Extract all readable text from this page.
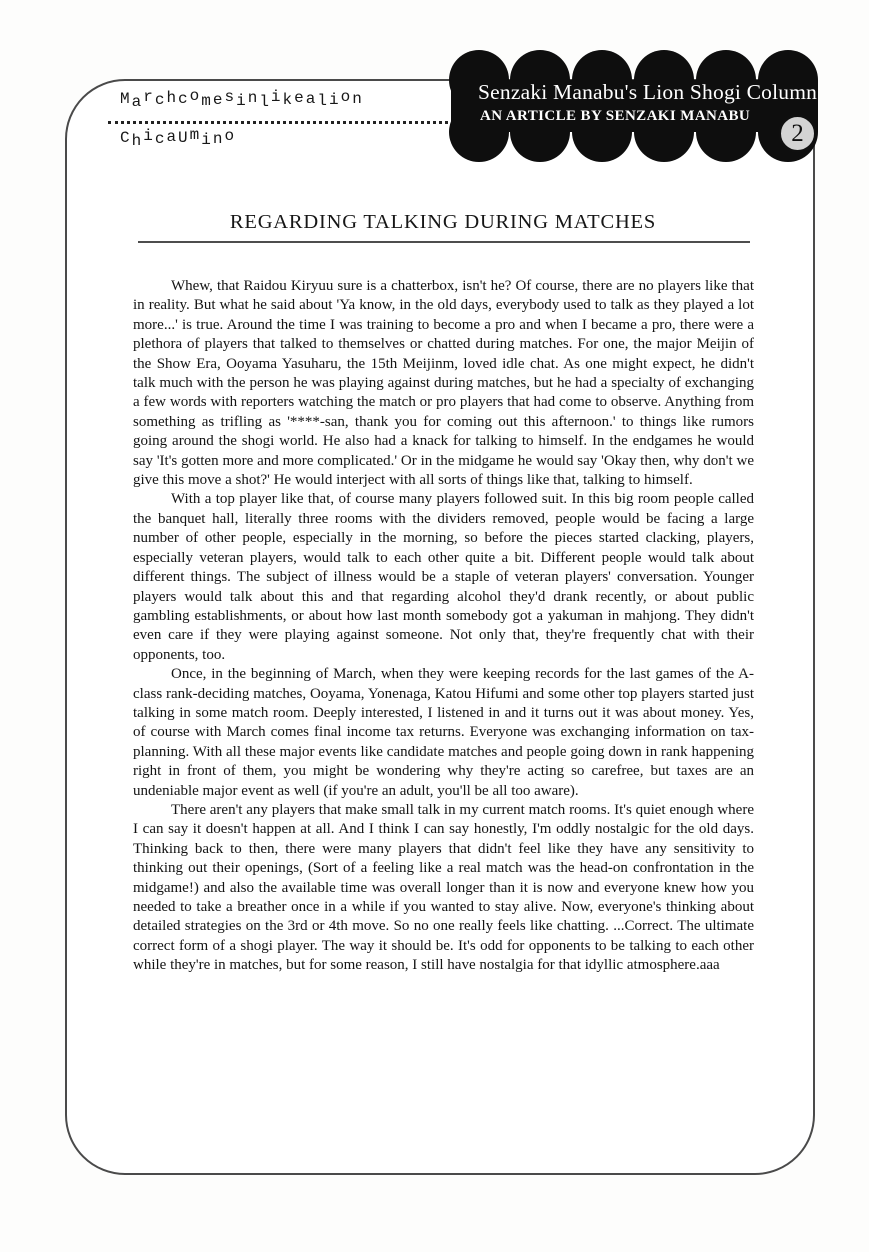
Marchcomesinlikealion
ChicaUmino
Senzaki Manabu's Lion Shogi Column
AN ARTICLE BY SENZAKI MANABU
2
REGARDING TALKING DURING MATCHES

Whew, that Raidou Kiryuu sure is a chatterbox, isn't he? Of course, there are no players like that in reality. But what he said about 'Ya know, in the old days, everybody used to talk as they played a lot more...' is true. Around the time I was training to become a pro and when I became a pro, there were a plethora of players that talked to themselves or chatted during matches. For one, the major Meijin of the Show Era, Ooyama Yasuharu, the 15th Meijinm, loved idle chat. As one might expect, he didn't talk much with the person he was playing against during matches, but he had a specialty of exchanging a few words with reporters watching the match or pro players that had come to observe. Anything from something as trifling as '****-san, thank you for coming out this afternoon.' to things like rumors going around the shogi world. He also had a knack for talking to himself. In the endgames he would say 'It's gotten more and more complicated.' Or in the midgame he would say 'Okay then, why don't we give this move a shot?' He would interject with all sorts of things like that, talking to himself.

With a top player like that, of course many players followed suit. In this big room people called the banquet hall, literally three rooms with the dividers removed, people would be facing a large number of other people, especially in the morning, so before the pieces started clacking, players, especially veteran players, would talk to each other quite a bit. Different people would talk about different things. The subject of illness would be a staple of veteran players' conversation. Younger players would talk about this and that regarding alcohol they'd drank recently, or about public gambling establishments, or about how last month somebody got a yakuman in mahjong. They didn't even care if they were playing against someone. Not only that, they're frequently chat with their opponents, too.

Once, in the beginning of March, when they were keeping records for the last games of the A-class rank-deciding matches, Ooyama, Yonenaga, Katou Hifumi and some other top players started just talking in some match room. Deeply interested, I listened in and it turns out it was about money. Yes, of course with March comes final income tax returns. Everyone was exchanging information on tax-planning. With all these major events like candidate matches and people going down in rank happening right in front of them, you might be wondering why they're acting so carefree, but taxes are an undeniable major event as well (if you're an adult, you'll be all too aware).

There aren't any players that make small talk in my current match rooms. It's quiet enough where I can say it doesn't happen at all. And I think I can say honestly, I'm oddly nostalgic for the old days. Thinking back to then, there were many players that didn't feel like they have any sensitivity to thinking out their openings, (Sort of a feeling like a real match was the head-on confrontation in the midgame!) and also the available time was overall longer than it is now and everyone knew how you needed to take a breather once in a while if you wanted to stay alive. Now, everyone's thinking about detailed strategies on the 3rd or 4th move. So no one really feels like chatting. ...Correct. The ultimate correct form of a shogi player. The way it should be. It's odd for opponents to be talking to each other while they're in matches, but for some reason, I still have nostalgia for that idyllic atmosphere.aaa
